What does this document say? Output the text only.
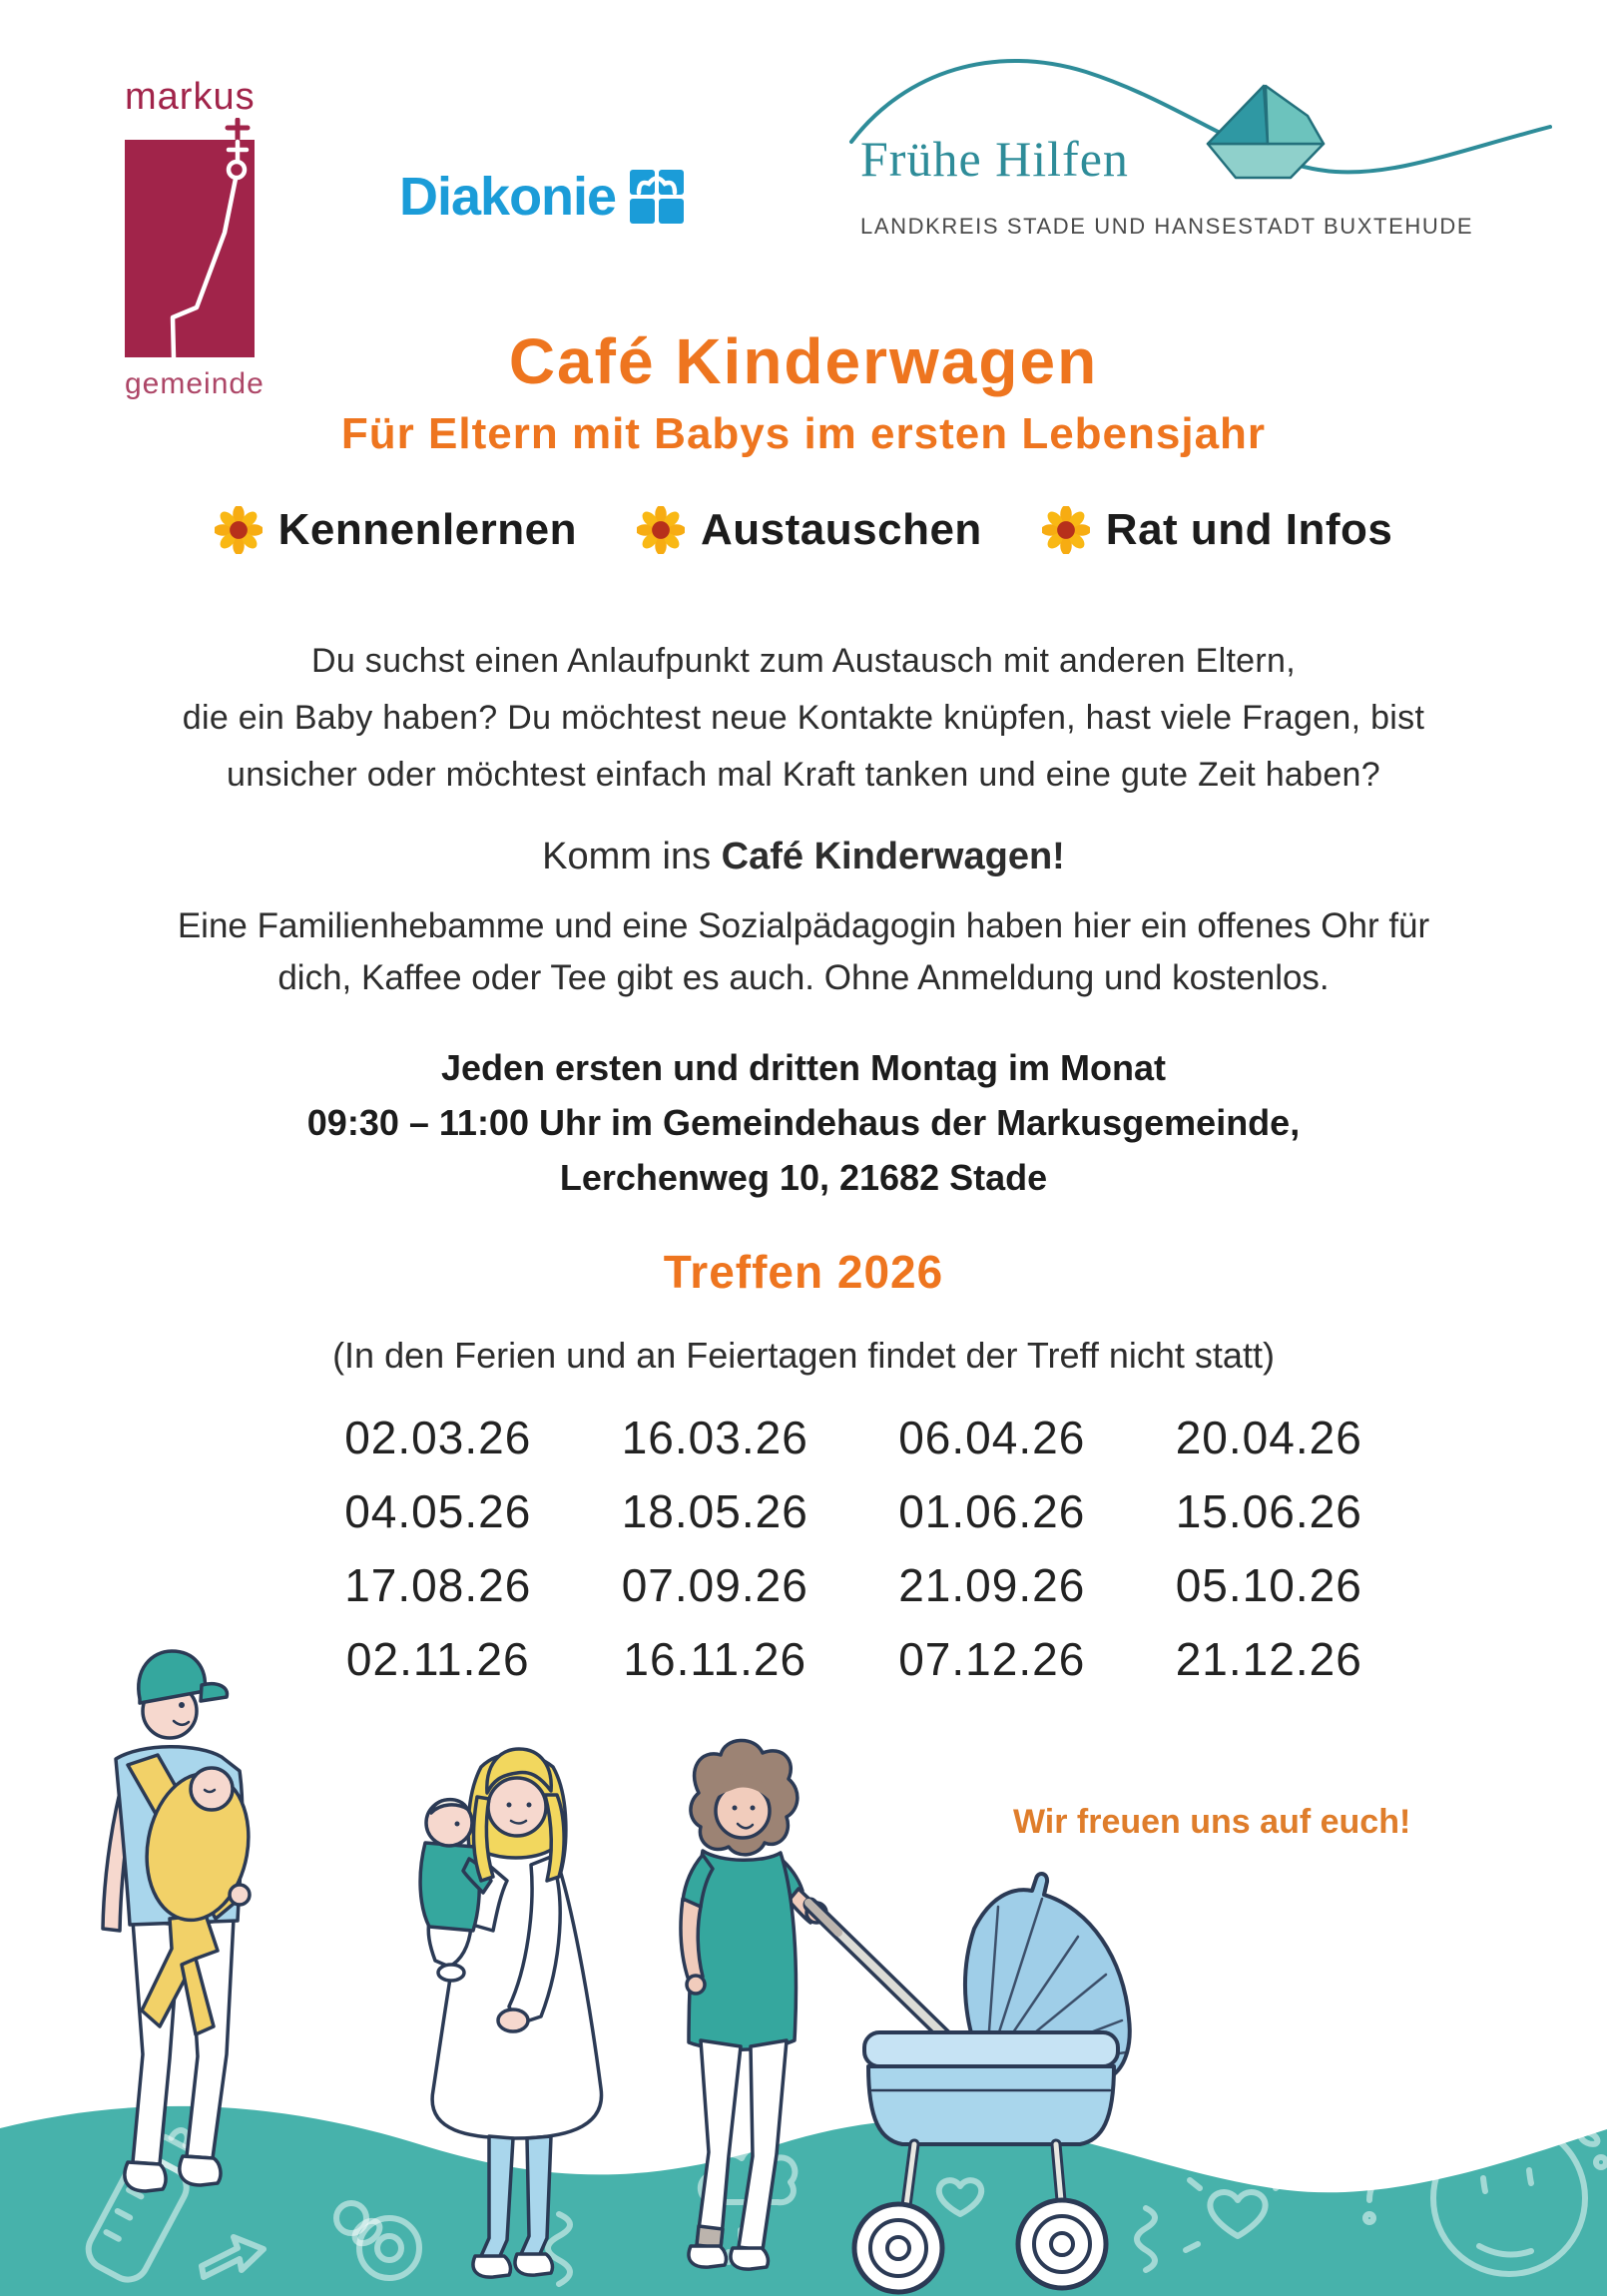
markus
gemeinde
Diakonie
Frühe Hilfen
LANDKREIS STADE UND HANSESTADT BUXTEHUDE
Café Kinderwagen
Für Eltern mit Babys im ersten Lebensjahr
Kennenlernen	Austauschen	Rat und Infos
Du suchst einen Anlaufpunkt zum Austausch mit anderen Eltern,
die ein Baby haben? Du möchtest neue Kontakte knüpfen, hast viele Fragen, bist
unsicher oder möchtest einfach mal Kraft tanken und eine gute Zeit haben?
Komm ins Café Kinderwagen!
Eine Familienhebamme und eine Sozialpädagogin haben hier ein offenes Ohr für
dich, Kaffee oder Tee gibt es auch. Ohne Anmeldung und kostenlos.
Jeden ersten und dritten Montag im Monat
09:30 – 11:00 Uhr im Gemeindehaus der Markusgemeinde,
Lerchenweg 10, 21682 Stade
Treffen 2026
(In den Ferien und an Feiertagen findet der Treff nicht statt)
02.03.26	16.03.26	06.04.26	20.04.26
04.05.26	18.05.26	01.06.26	15.06.26
17.08.26	07.09.26	21.09.26	05.10.26
02.11.26	16.11.26	07.12.26	21.12.26
Wir freuen uns auf euch!
